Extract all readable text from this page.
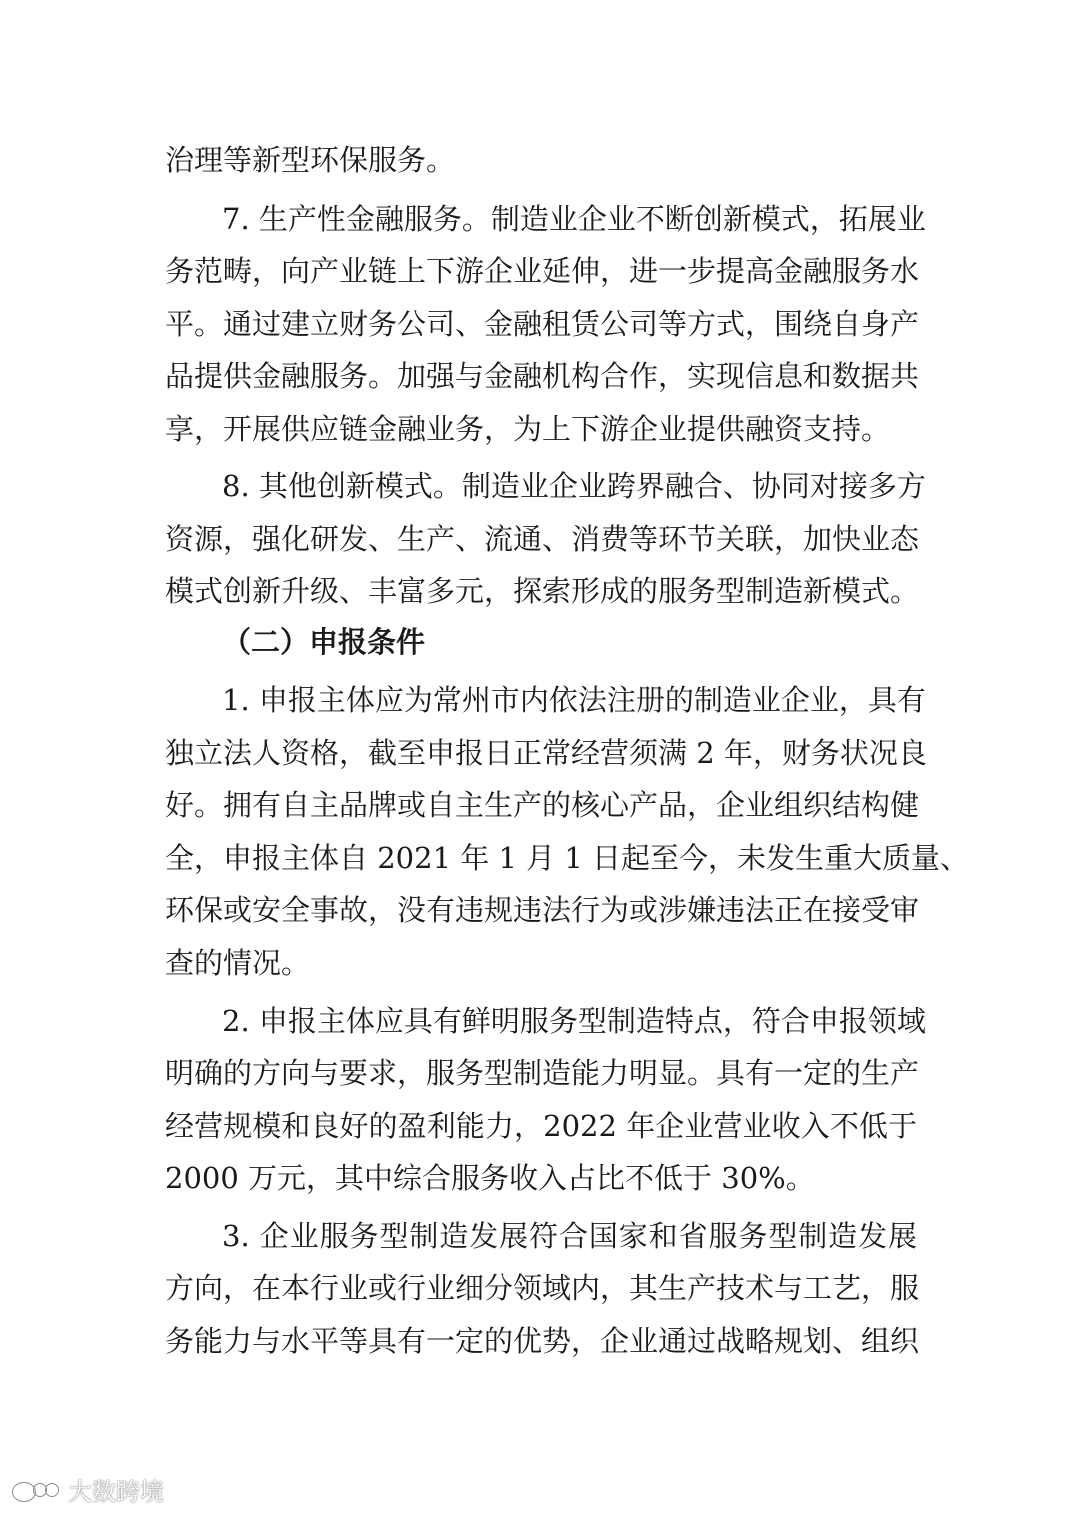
治理等新型环保服务。
7. 生产性金融服务。制造业企业不断创新模式，拓展业
务范畴，向产业链上下游企业延伸，进一步提高金融服务水
平。通过建立财务公司、金融租赁公司等方式，围绕自身产
品提供金融服务。加强与金融机构合作，实现信息和数据共
享，开展供应链金融业务，为上下游企业提供融资支持。
8. 其他创新模式。制造业企业跨界融合、协同对接多方
资源，强化研发、生产、流通、消费等环节关联，加快业态
模式创新升级、丰富多元，探索形成的服务型制造新模式。
（二）申报条件
1. 申报主体应为常州市内依法注册的制造业企业，具有
独立法人资格，截至申报日正常经营须满 2 年，财务状况良
好。拥有自主品牌或自主生产的核心产品，企业组织结构健
全，申报主体自 2021 年 1 月 1 日起至今，未发生重大质量、
环保或安全事故，没有违规违法行为或涉嫌违法正在接受审
查的情况。
2. 申报主体应具有鲜明服务型制造特点，符合申报领域
明确的方向与要求，服务型制造能力明显。具有一定的生产
经营规模和良好的盈利能力，2022 年企业营业收入不低于
2000 万元，其中综合服务收入占比不低于 30%。
3. 企业服务型制造发展符合国家和省服务型制造发展
方向，在本行业或行业细分领域内，其生产技术与工艺，服
务能力与水平等具有一定的优势，企业通过战略规划、组织
大数跨境
